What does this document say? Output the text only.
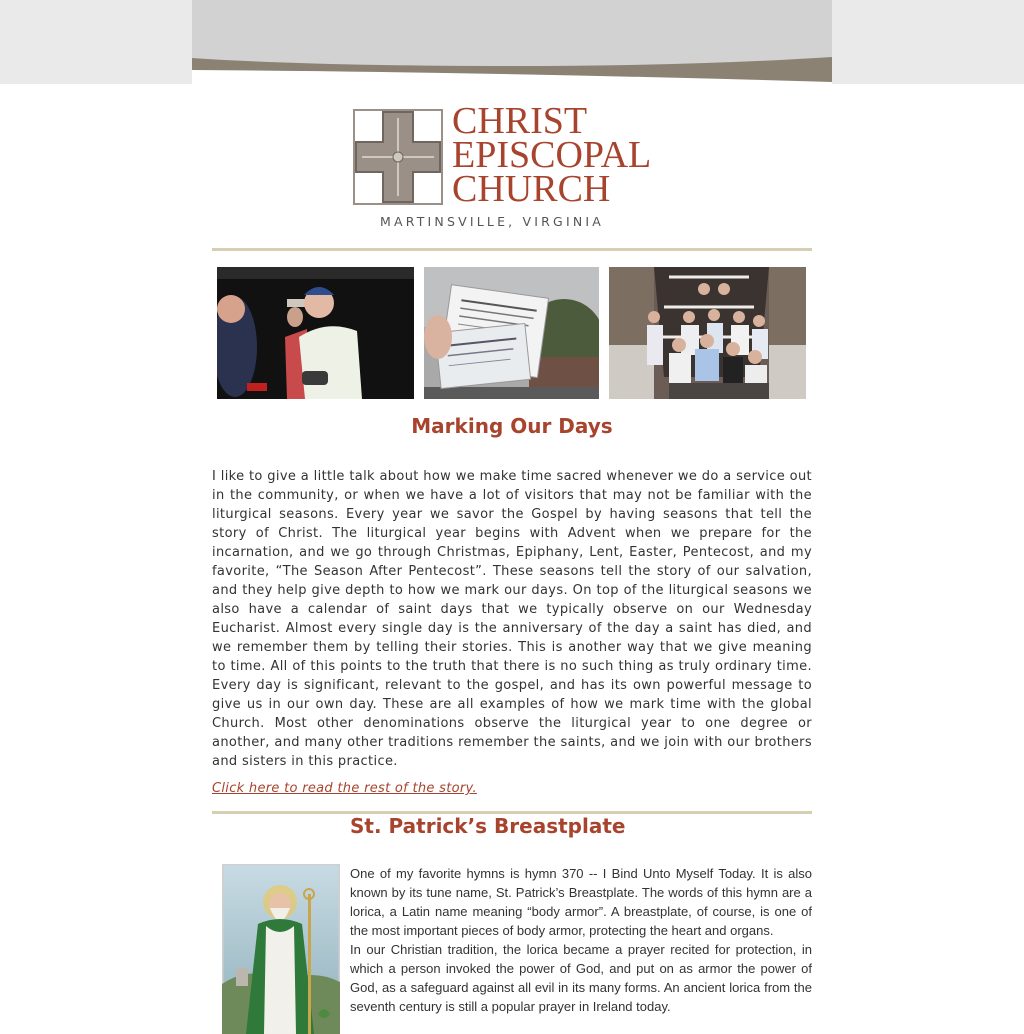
CHRIST
EPISCOPAL
CHURCH
MARTINSVILLE, VIRGINIA
Marking Our Days

I like to give a little talk about how we make time sacred whenever we do a service out in the community, or when we have a lot of visitors that may not be familiar with the liturgical seasons. Every year we savor the Gospel by having seasons that tell the story of Christ. The liturgical year begins with Advent when we prepare for the incarnation, and we go through Christmas, Epiphany, Lent, Easter, Pentecost, and my favorite, “The Season After Pentecost”. These seasons tell the story of our salvation, and they help give depth to how we mark our days. On top of the liturgical seasons we also have a calendar of saint days that we typically observe on our Wednesday Eucharist. Almost every single day is the anniversary of the day a saint has died, and we remember them by telling their stories. This is another way that we give meaning to time. All of this points to the truth that there is no such thing as truly ordinary time. Every day is significant, relevant to the gospel, and has its own powerful message to give us in our own day. These are all examples of how we mark time with the global Church. Most other denominations observe the liturgical year to one degree or another, and many other traditions remember the saints, and we join with our brothers and sisters in this practice.

Click here to read the rest of the story.
St. Patrick’s Breastplate

One of my favorite hymns is hymn 370 -- I Bind Unto Myself Today. It is also known by its tune name, St. Patrick’s Breastplate. The words of this hymn are a lorica, a Latin name meaning “body armor”. A breastplate, of course, is one of the most important pieces of body armor, protecting the heart and organs.

In our Christian tradition, the lorica became a prayer recited for protection, in which a person invoked the power of God, and put on as armor the power of God, as a safeguard against all evil in its many forms. An ancient lorica from the seventh century is still a popular prayer in Ireland today.
